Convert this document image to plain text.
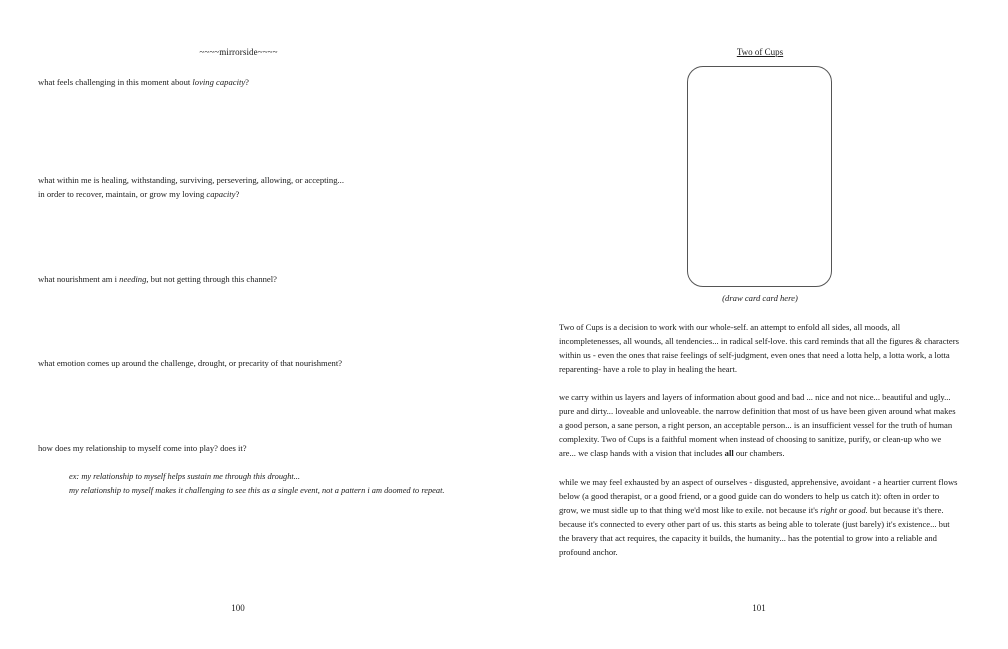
~~~~mirrorside~~~~
what feels challenging in this moment about loving capacity?
what within me is healing, withstanding, surviving, persevering, allowing, or accepting...
in order to recover, maintain, or grow my loving capacity?
what nourishment am i needing, but not getting through this channel?
what emotion comes up around the challenge, drought, or precarity of that nourishment?
how does my relationship to myself come into play? does it?
ex: my relationship to myself helps sustain me through this drought...
my relationship to myself makes it challenging to see this as a single event, not a pattern i am doomed to repeat.
100
Two of Cups
(draw card card here)
Two of Cups is a decision to work with our whole-self. an attempt to enfold all sides, all moods, all incompletenesses, all wounds, all tendencies... in radical self-love. this card reminds that all the figures & characters within us - even the ones that raise feelings of self-judgment, even ones that need a lotta help, a lotta work, a lotta reparenting- have a role to play in healing the heart.
we carry within us layers and layers of information about good and bad ... nice and not nice... beautiful and ugly... pure and dirty... loveable and unloveable. the narrow definition that most of us have been given around what makes a good person, a sane person, a right person, an acceptable person... is an insufficient vessel for the truth of human complexity. Two of Cups is a faithful moment when instead of choosing to sanitize, purify, or clean-up who we are... we clasp hands with a vision that includes all our chambers.
while we may feel exhausted by an aspect of ourselves - disgusted, apprehensive, avoidant - a heartier current flows below (a good therapist, or a good friend, or a good guide can do wonders to help us catch it): often in order to grow, we must sidle up to that thing we'd most like to exile. not because it's right or good. but because it's there. because it's connected to every other part of us. this starts as being able to tolerate (just barely) it's existence... but the bravery that act requires, the capacity it builds, the humanity... has the potential to grow into a reliable and profound anchor.
101
